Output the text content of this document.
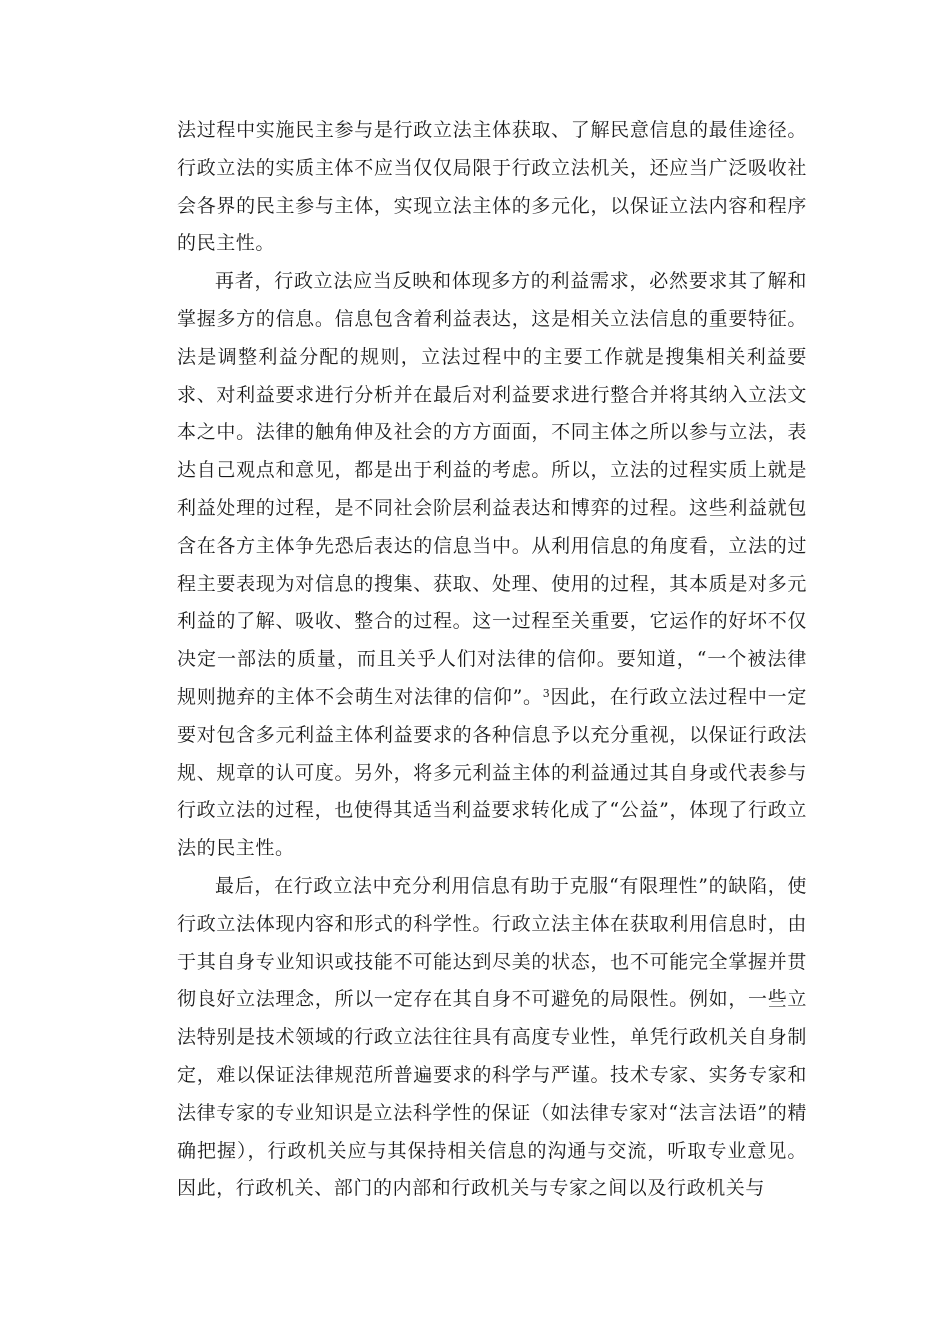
法过程中实施民主参与是行政立法主体获取、了解民意信息的最佳途径。行政立法的实质主体不应当仅仅局限于行政立法机关，还应当广泛吸收社会各界的民主参与主体，实现立法主体的多元化，以保证立法内容和程序的民主性。

再者，行政立法应当反映和体现多方的利益需求，必然要求其了解和掌握多方的信息。信息包含着利益表达，这是相关立法信息的重要特征。法是调整利益分配的规则，立法过程中的主要工作就是搜集相关利益要求、对利益要求进行分析并在最后对利益要求进行整合并将其纳入立法文本之中。法律的触角伸及社会的方方面面，不同主体之所以参与立法，表达自己观点和意见，都是出于利益的考虑。所以，立法的过程实质上就是利益处理的过程，是不同社会阶层利益表达和博弈的过程。这些利益就包含在各方主体争先恐后表达的信息当中。从利用信息的角度看，立法的过程主要表现为对信息的搜集、获取、处理、使用的过程，其本质是对多元利益的了解、吸收、整合的过程。这一过程至关重要，它运作的好坏不仅决定一部法的质量，而且关乎人们对法律的信仰。要知道，“一个被法律规则抛弃的主体不会萌生对法律的信仰”。$^3$因此，在行政立法过程中一定要对包含多元利益主体利益要求的各种信息予以充分重视，以保证行政法规、规章的认可度。另外，将多元利益主体的利益通过其自身或代表参与行政立法的过程，也使得其适当利益要求转化成了“公益”，体现了行政立法的民主性。

最后，在行政立法中充分利用信息有助于克服“有限理性”的缺陷，使行政立法体现内容和形式的科学性。行政立法主体在获取利用信息时，由于其自身专业知识或技能不可能达到尽美的状态，也不可能完全掌握并贯彻良好立法理念，所以一定存在其自身不可避免的局限性。例如，一些立法特别是技术领域的行政立法往往具有高度专业性，单凭行政机关自身制定，难以保证法律规范所普遍要求的科学与严谨。技术专家、实务专家和法律专家的专业知识是立法科学性的保证（如法律专家对“法言法语”的精确把握），行政机关应与其保持相关信息的沟通与交流，听取专业意见。因此，行政机关、部门的内部和行政机关与专家之间以及行政机关与
